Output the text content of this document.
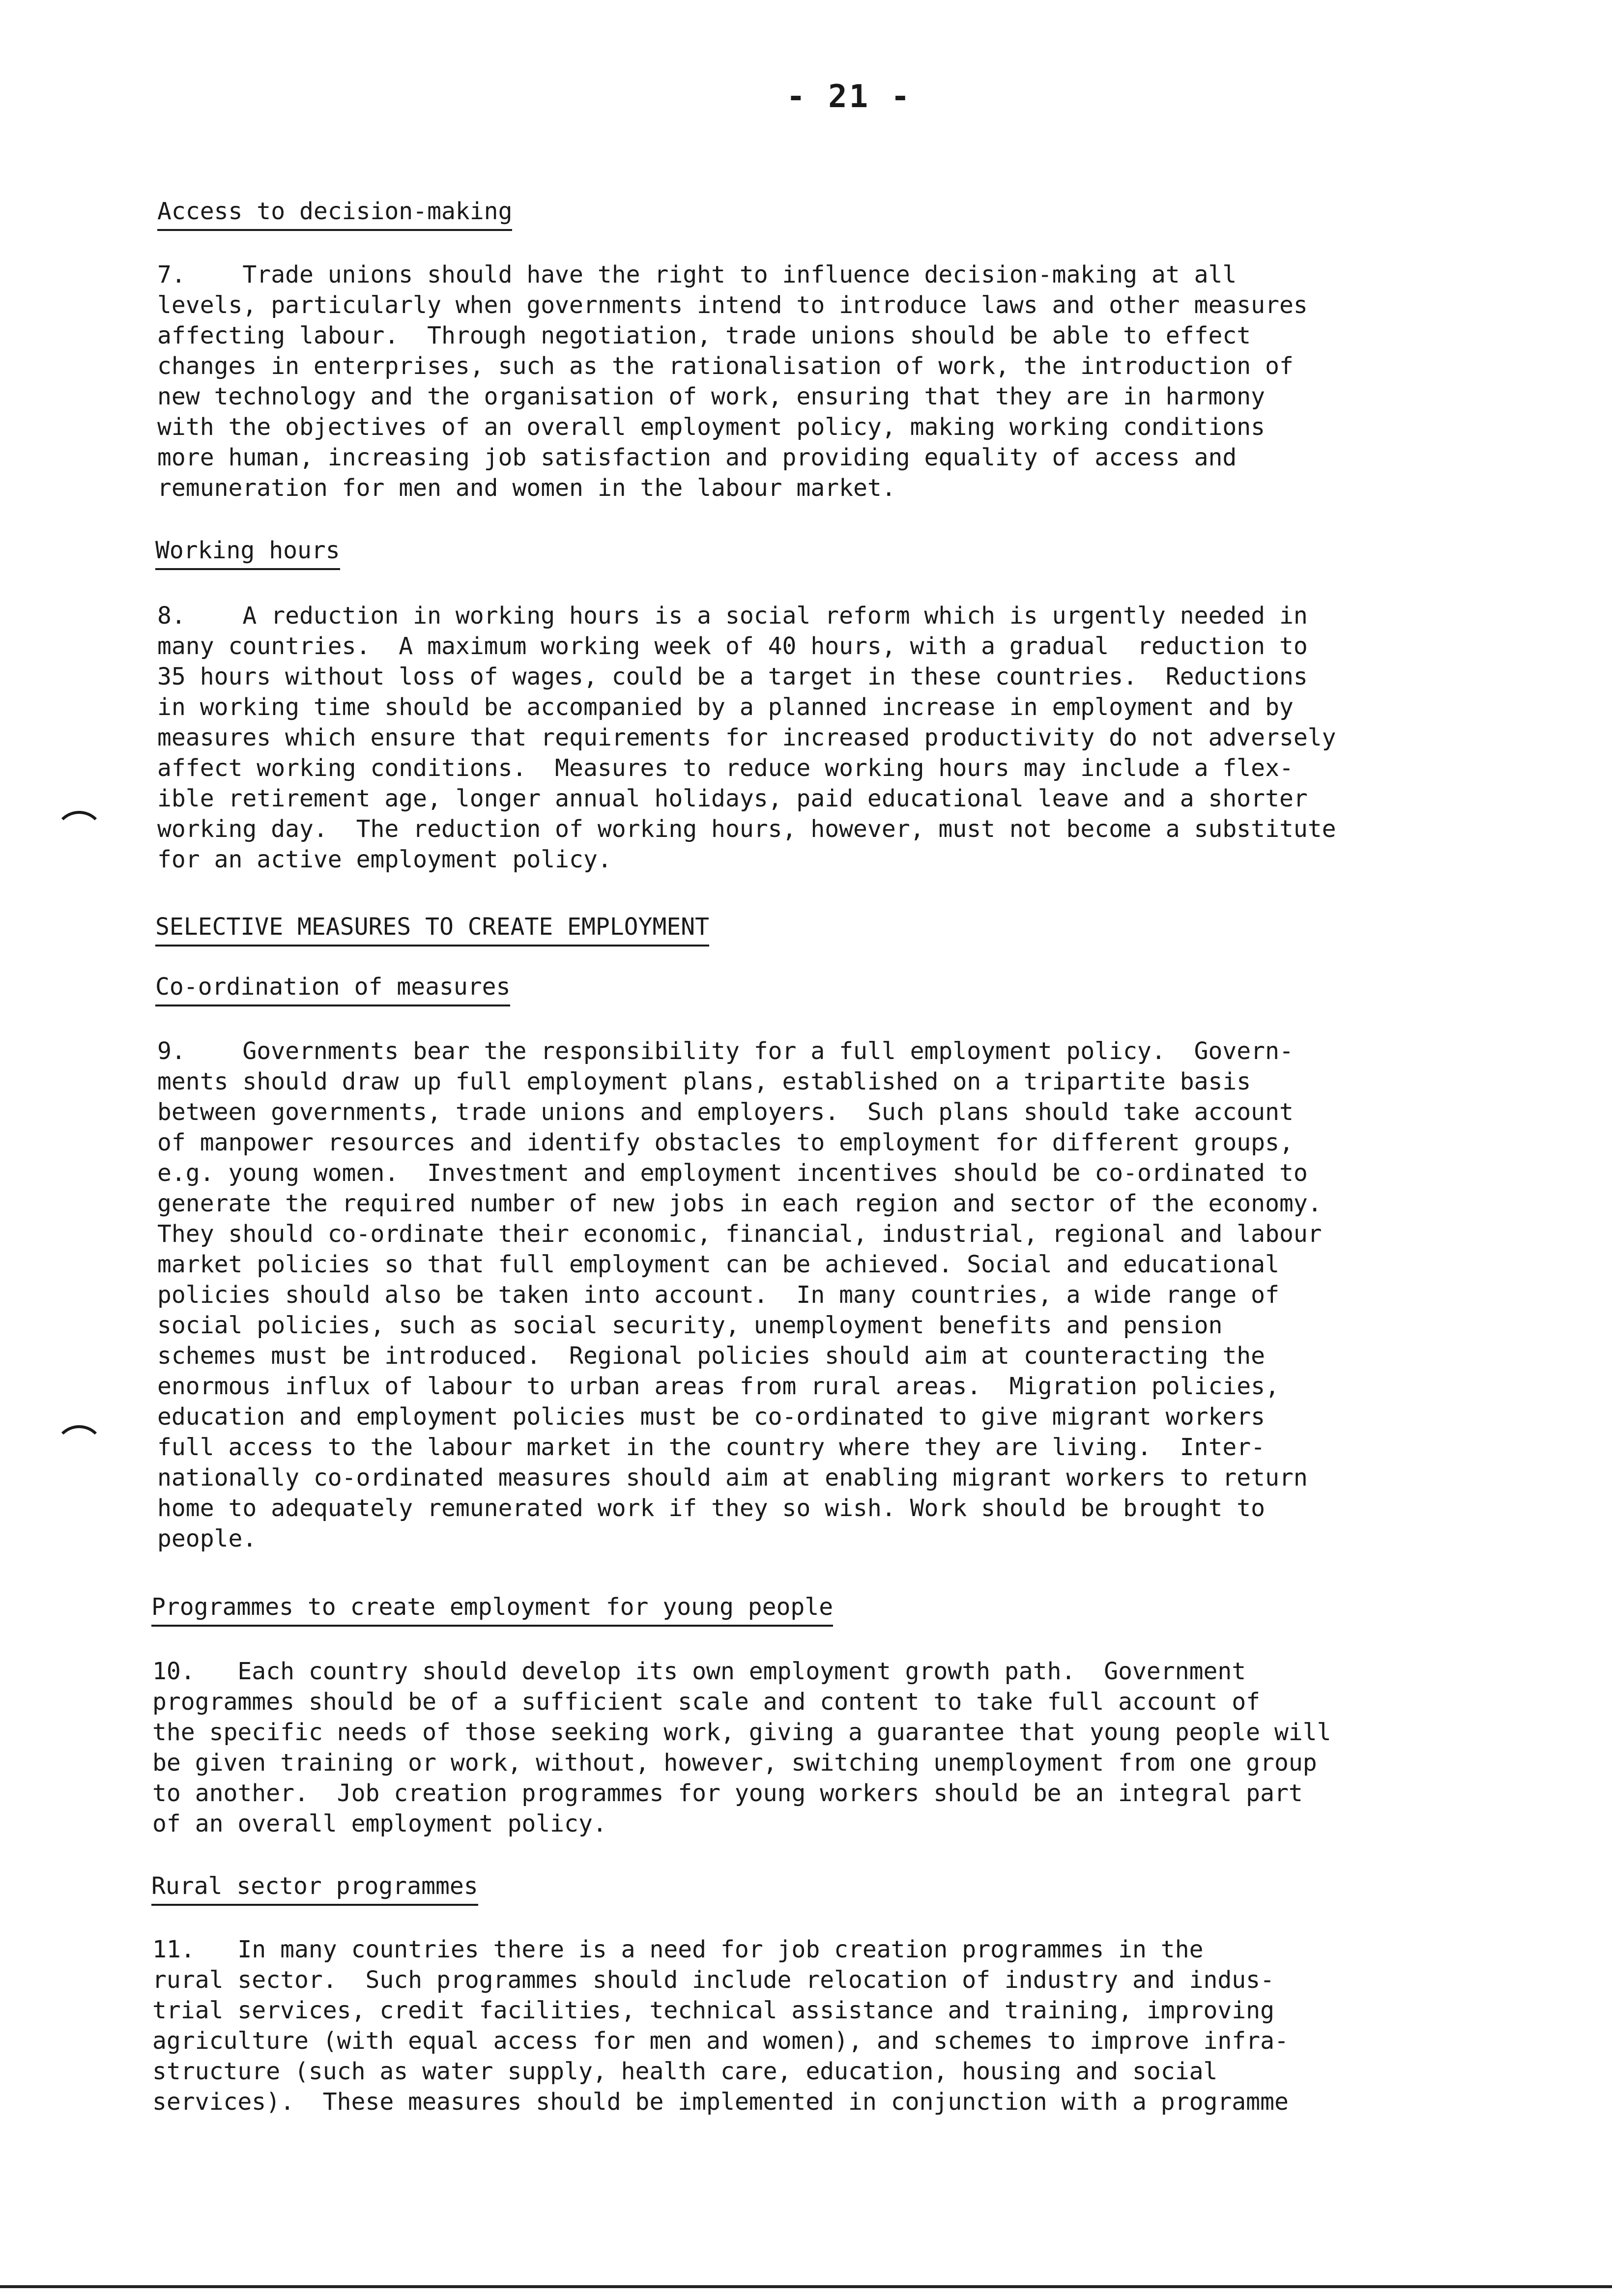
- 21 -
Access to decision-making
7.    Trade unions should have the right to influence decision-making at all
levels, particularly when governments intend to introduce laws and other measures
affecting labour.  Through negotiation, trade unions should be able to effect
changes in enterprises, such as the rationalisation of work, the introduction of
new technology and the organisation of work, ensuring that they are in harmony
with the objectives of an overall employment policy, making working conditions
more human, increasing job satisfaction and providing equality of access and
remuneration for men and women in the labour market.
Working hours
8.    A reduction in working hours is a social reform which is urgently needed in
many countries.  A maximum working week of 40 hours, with a gradual  reduction to
35 hours without loss of wages, could be a target in these countries.  Reductions
in working time should be accompanied by a planned increase in employment and by
measures which ensure that requirements for increased productivity do not adversely
affect working conditions.  Measures to reduce working hours may include a flex-
ible retirement age, longer annual holidays, paid educational leave and a shorter
working day.  The reduction of working hours, however, must not become a substitute
for an active employment policy.
SELECTIVE MEASURES TO CREATE EMPLOYMENT
Co-ordination of measures
9.    Governments bear the responsibility for a full employment policy.  Govern-
ments should draw up full employment plans, established on a tripartite basis
between governments, trade unions and employers.  Such plans should take account
of manpower resources and identify obstacles to employment for different groups,
e.g. young women.  Investment and employment incentives should be co-ordinated to
generate the required number of new jobs in each region and sector of the economy.
They should co-ordinate their economic, financial, industrial, regional and labour
market policies so that full employment can be achieved. Social and educational
policies should also be taken into account.  In many countries, a wide range of
social policies, such as social security, unemployment benefits and pension
schemes must be introduced.  Regional policies should aim at counteracting the
enormous influx of labour to urban areas from rural areas.  Migration policies,
education and employment policies must be co-ordinated to give migrant workers
full access to the labour market in the country where they are living.  Inter-
nationally co-ordinated measures should aim at enabling migrant workers to return
home to adequately remunerated work if they so wish. Work should be brought to
people.
Programmes to create employment for young people
10.   Each country should develop its own employment growth path.  Government
programmes should be of a sufficient scale and content to take full account of
the specific needs of those seeking work, giving a guarantee that young people will
be given training or work, without, however, switching unemployment from one group
to another.  Job creation programmes for young workers should be an integral part
of an overall employment policy.
Rural sector programmes
11.   In many countries there is a need for job creation programmes in the
rural sector.  Such programmes should include relocation of industry and indus-
trial services, credit facilities, technical assistance and training, improving
agriculture (with equal access for men and women), and schemes to improve infra-
structure (such as water supply, health care, education, housing and social
services).  These measures should be implemented in conjunction with a programme
